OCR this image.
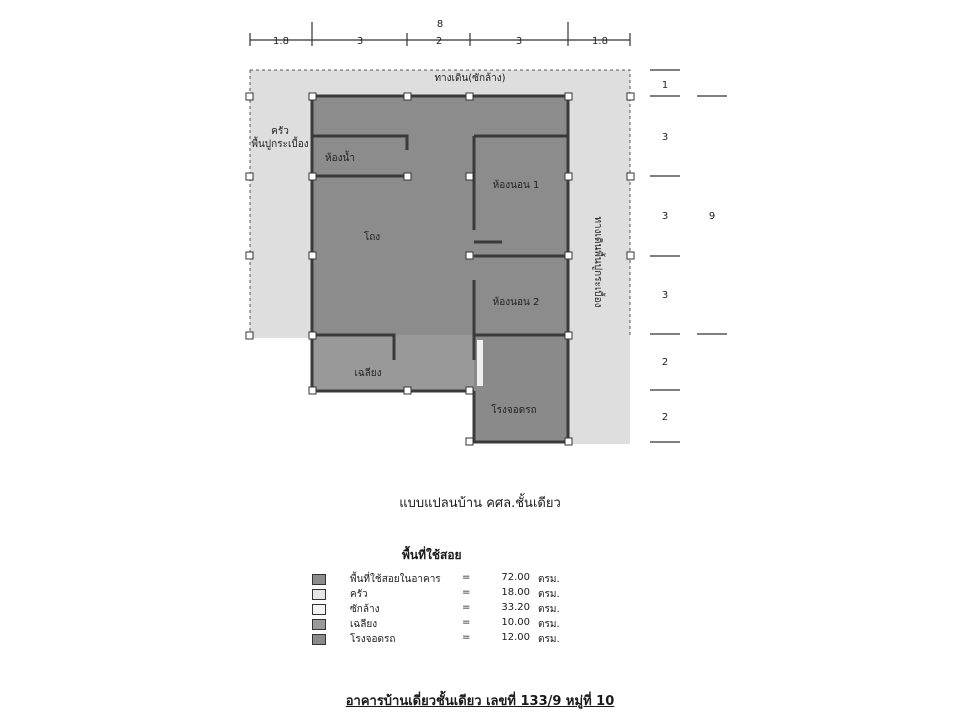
8
1.8	3	2	3	1.8
1
3
3
3
2
2
9
ทางเดิน(ซักล้าง)
ครัว
พื้นปูกระเบื้อง
ห้องน้ำ
โถง
ห้องนอน 1
ห้องนอน 2
เฉลียง
โรงจอดรถ
ทางเดินพื้นปูกระเบื้อง
แบบแปลนบ้าน คศล.ชั้นเดียว
พื้นที่ใช้สอย
พื้นที่ใช้สอยในอาคาร =	72.00 ตรม.
ครัว	=	18.00 ตรม.
ซักล้าง	=	33.20 ตรม.
เฉลียง	=	10.00 ตรม.
โรงจอดรถ	=	12.00 ตรม.
อาคารบ้านเดี่ยวชั้นเดียว เลขที่ 133/9 หมู่ที่ 10
